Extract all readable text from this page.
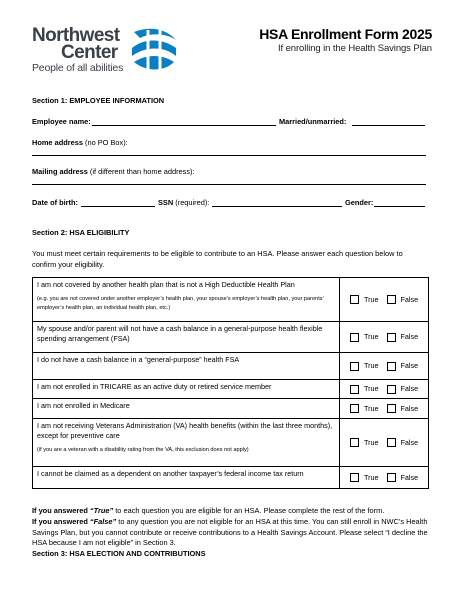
Northwest
Center
People of all abilities
HSA Enrollment Form 2025
If enrolling in the Health Savings Plan
Section 1: EMPLOYEE INFORMATION
Employee name:	Married/unmarried:
Home address (no PO Box):
Mailing address (if different than home address):
Date of birth:	SSN (required):	Gender:
Section 2: HSA ELIGIBILITY
You must meet certain requirements to be eligible to contribute to an HSA. Please answer each question below to confirm your eligibility.
I am not covered by another health plan that is not a High Deductible Health Plan
(e.g. you are not covered under another employer’s health plan, your spouse’s employer’s health plan, your parents’ employer’s health plan, an individual health plan, etc.)	True False
My spouse and/or parent will not have a cash balance in a general-purpose health flexible spending arrangement (FSA)	True False
I do not have a cash balance in a “general-purpose” health FSA	True False
I am not enrolled in TRICARE as an active duty or retired service member	True False
I am not enrolled in Medicare	True False
I am not receiving Veterans Administration (VA) health benefits (within the last three months), except for preventive care
(if you are a veteran with a disability rating from the VA, this exclusion does not apply)	True False
I cannot be claimed as a dependent on another taxpayer’s federal income tax return	True False
If you answered “True” to each question you are eligible for an HSA. Please complete the rest of the form.
If you answered “False” to any question you are not eligible for an HSA at this time. You can still enroll in NWC’s Health Savings Plan, but you cannot contribute or receive contributions to a Health Savings Account. Please select “I decline the HSA because I am not eligible” in Section 3.
Section 3: HSA ELECTION AND CONTRIBUTIONS
